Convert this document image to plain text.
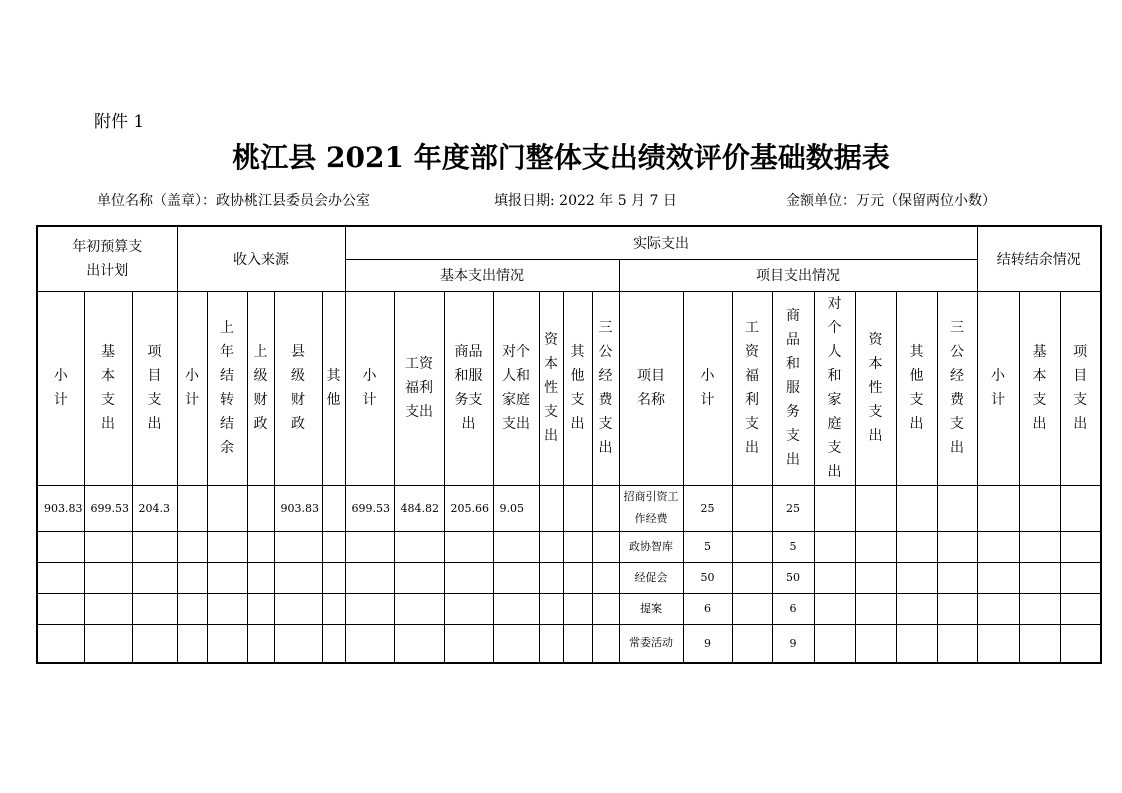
附件 1
桃江县 2021 年度部门整体支出绩效评价基础数据表
单位名称（盖章）：政协桃江县委员会办公室	填报日期: 2022 年 5 月 7 日	金额单位：万元（保留两位小数）
年初预算支出计划			收入来源					实际支出															结转结余情况		
								基本支出情况							项目支出情况										

小计	基本支出	项目支出	小计	上年结转结余	上级财政	县级财政	其他	小计	工资福利支出	商品和服务支出	对个人和家庭支出	资本性支出	其他支出	三公经费支出	项目名称	小计	工资福利支出	商品和服务支出	对个人和家庭支出	资本性支出	其他支出	三公经费支出	小计	基本支出	项目支出

903.83	699.53	204.3				903.83		699.53	484.82	205.66	9.05				招商引资工作经费	25		25							
															政协智库	5		5							
															经促会	50		50							
															提案	6		6							
															常委活动	9		9							
